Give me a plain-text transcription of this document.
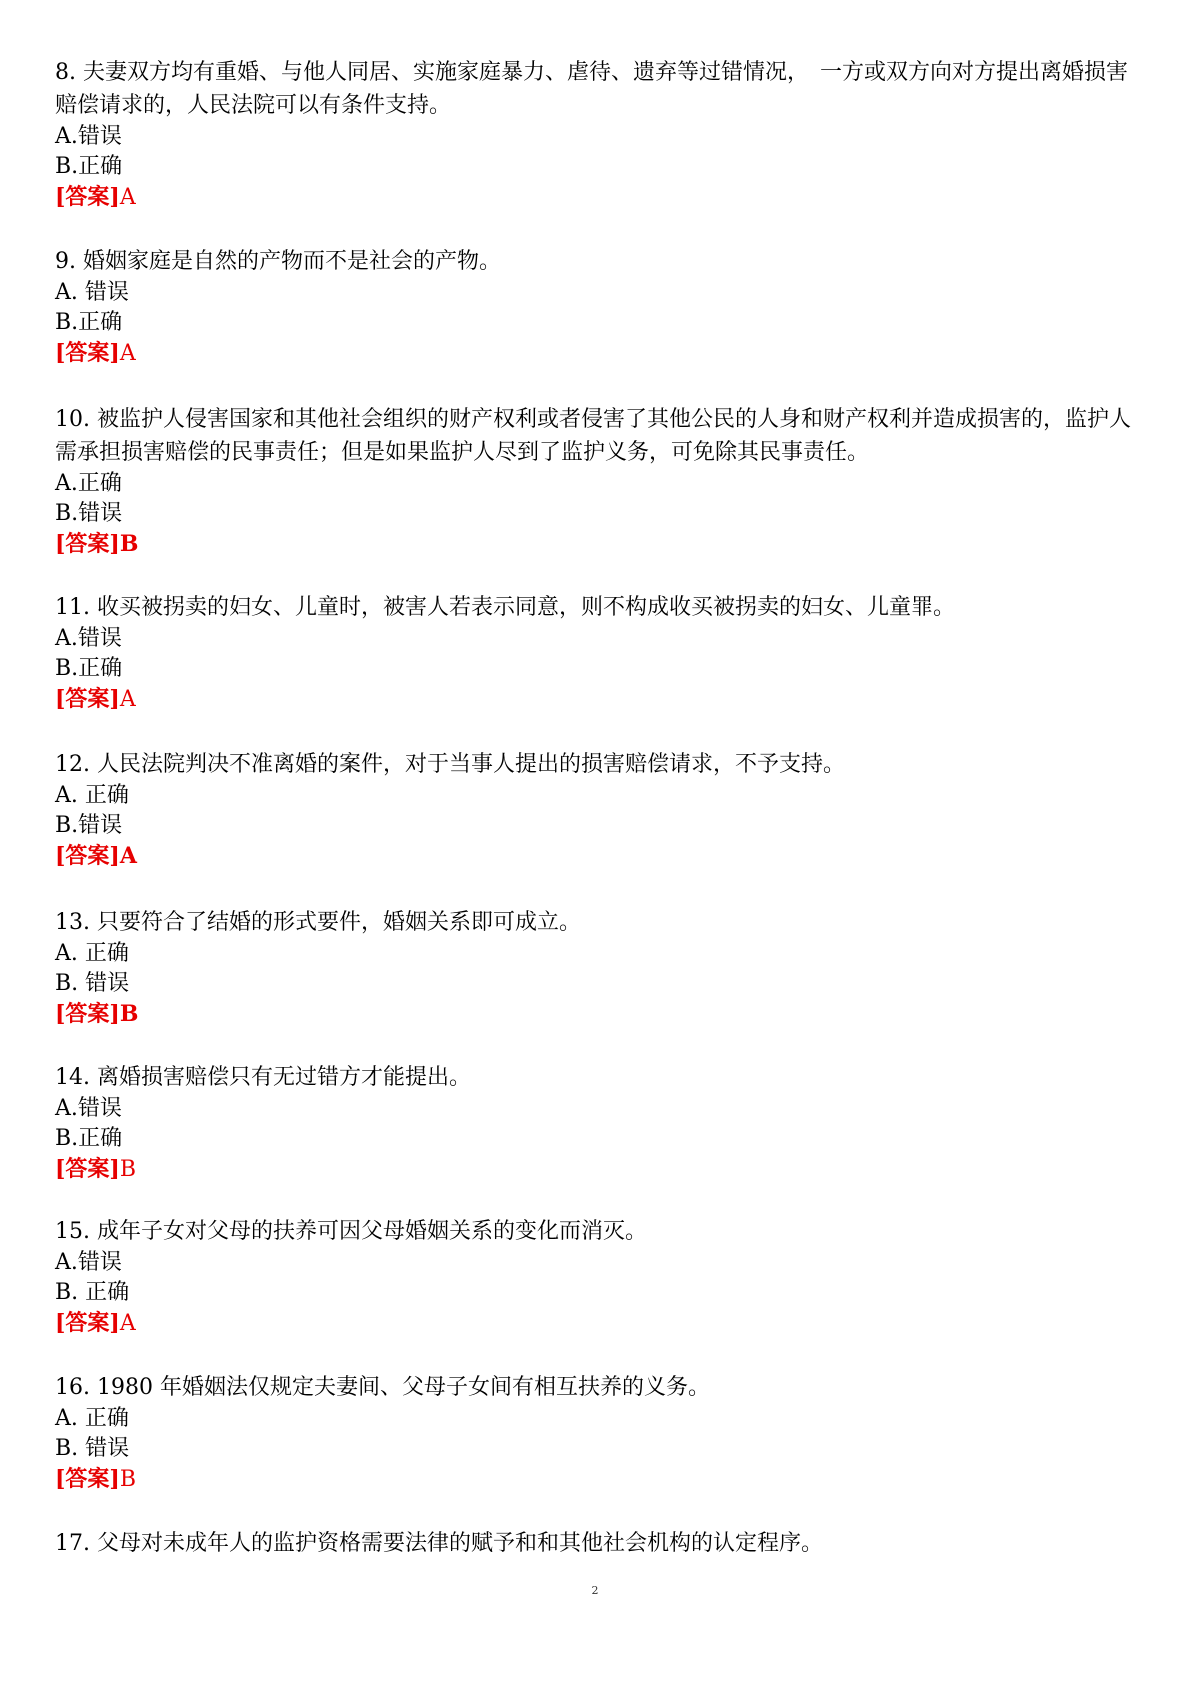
8. 夫妻双方均有重婚、与他人同居、实施家庭暴力、虐待、遗弃等过错情况，　一方或双方向对方提出离婚损害赔偿请求的，人民法院可以有条件支持。

A.错误

B.正确

[答案]A

9. 婚姻家庭是自然的产物而不是社会的产物。

A. 错误

B.正确

[答案]A

10. 被监护人侵害国家和其他社会组织的财产权利或者侵害了其他公民的人身和财产权利并造成损害的，监护人需承担损害赔偿的民事责任；但是如果监护人尽到了监护义务，可免除其民事责任。

A.正确

B.错误

[答案]B

11. 收买被拐卖的妇女、儿童时，被害人若表示同意，则不构成收买被拐卖的妇女、儿童罪。

A.错误

B.正确

[答案]A

12. 人民法院判决不准离婚的案件，对于当事人提出的损害赔偿请求，不予支持。

A. 正确

B.错误

[答案]A

13. 只要符合了结婚的形式要件，婚姻关系即可成立。

A. 正确

B. 错误

[答案]B

14. 离婚损害赔偿只有无过错方才能提出。

A.错误

B.正确

[答案]B

15. 成年子女对父母的扶养可因父母婚姻关系的变化而消灭。

A.错误

B. 正确

[答案]A

16. 1980 年婚姻法仅规定夫妻间、父母子女间有相互扶养的义务。

A. 正确

B. 错误

[答案]B

17. 父母对未成年人的监护资格需要法律的赋予和和其他社会机构的认定程序。

2
